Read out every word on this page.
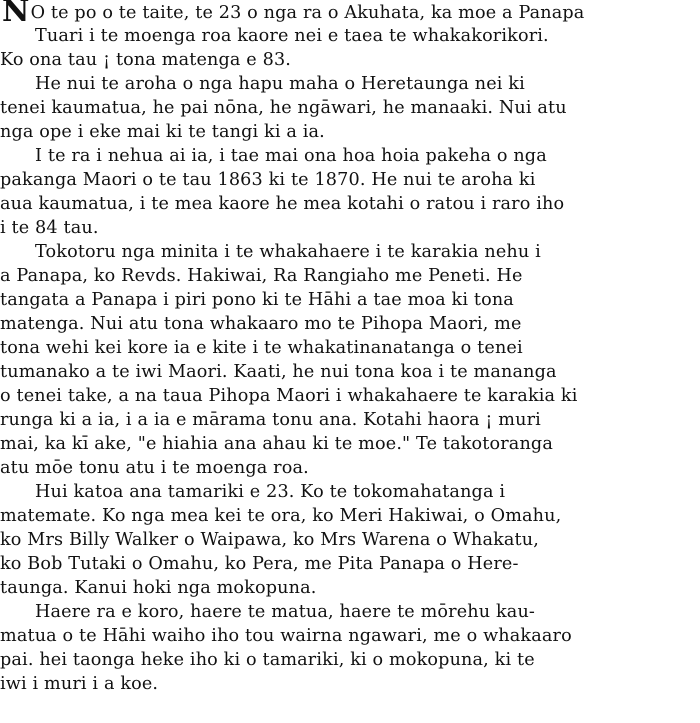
NO te po o te taite, te 23 o nga ra o Akuhata, ka moe a Panapa
Tuari i te moenga roa kaore nei e taea te whakakorikori.
Ko ona tau ¡ tona matenga e 83.
He nui te aroha o nga hapu maha o Heretaunga nei ki
tenei kaumatua, he pai nōna, he ngāwari, he manaaki. Nui atu
nga ope i eke mai ki te tangi ki a ia.
I te ra i nehua ai ia, i tae mai ona hoa hoia pakeha o nga
pakanga Maori o te tau 1863 ki te 1870. He nui te aroha ki
aua kaumatua, i te mea kaore he mea kotahi o ratou i raro iho
i te 84 tau.
Tokotoru nga minita i te whakahaere i te karakia nehu i
a Panapa, ko Revds. Hakiwai, Ra Rangiaho me Peneti. He
tangata a Panapa i piri pono ki te Hāhi a tae moa ki tona
matenga. Nui atu tona whakaaro mo te Pihopa Maori, me
tona wehi kei kore ia e kite i te whakatinanatanga o tenei
tumanako a te iwi Maori. Kaati, he nui tona koa i te mananga
o tenei take, a na taua Pihopa Maori i whakahaere te karakia ki
runga ki a ia, i a ia e mārama tonu ana. Kotahi haora ¡ muri
mai, ka kī ake, "e hiahia ana ahau ki te moe." Te takotoranga
atu mōe tonu atu i te moenga roa.
Hui katoa ana tamariki e 23. Ko te tokomahatanga i
matemate. Ko nga mea kei te ora, ko Meri Hakiwai, o Omahu,
ko Mrs Billy Walker o Waipawa, ko Mrs Warena o Whakatu,
ko Bob Tutaki o Omahu, ko Pera, me Pita Panapa o Here-
taunga. Kanui hoki nga mokopuna.
Haere ra e koro, haere te matua, haere te mōrehu kau-
matua o te Hāhi waiho iho tou wairna ngawari, me o whakaaro
pai. hei taonga heke iho ki o tamariki, ki o mokopuna, ki te
iwi i muri i a koe.
